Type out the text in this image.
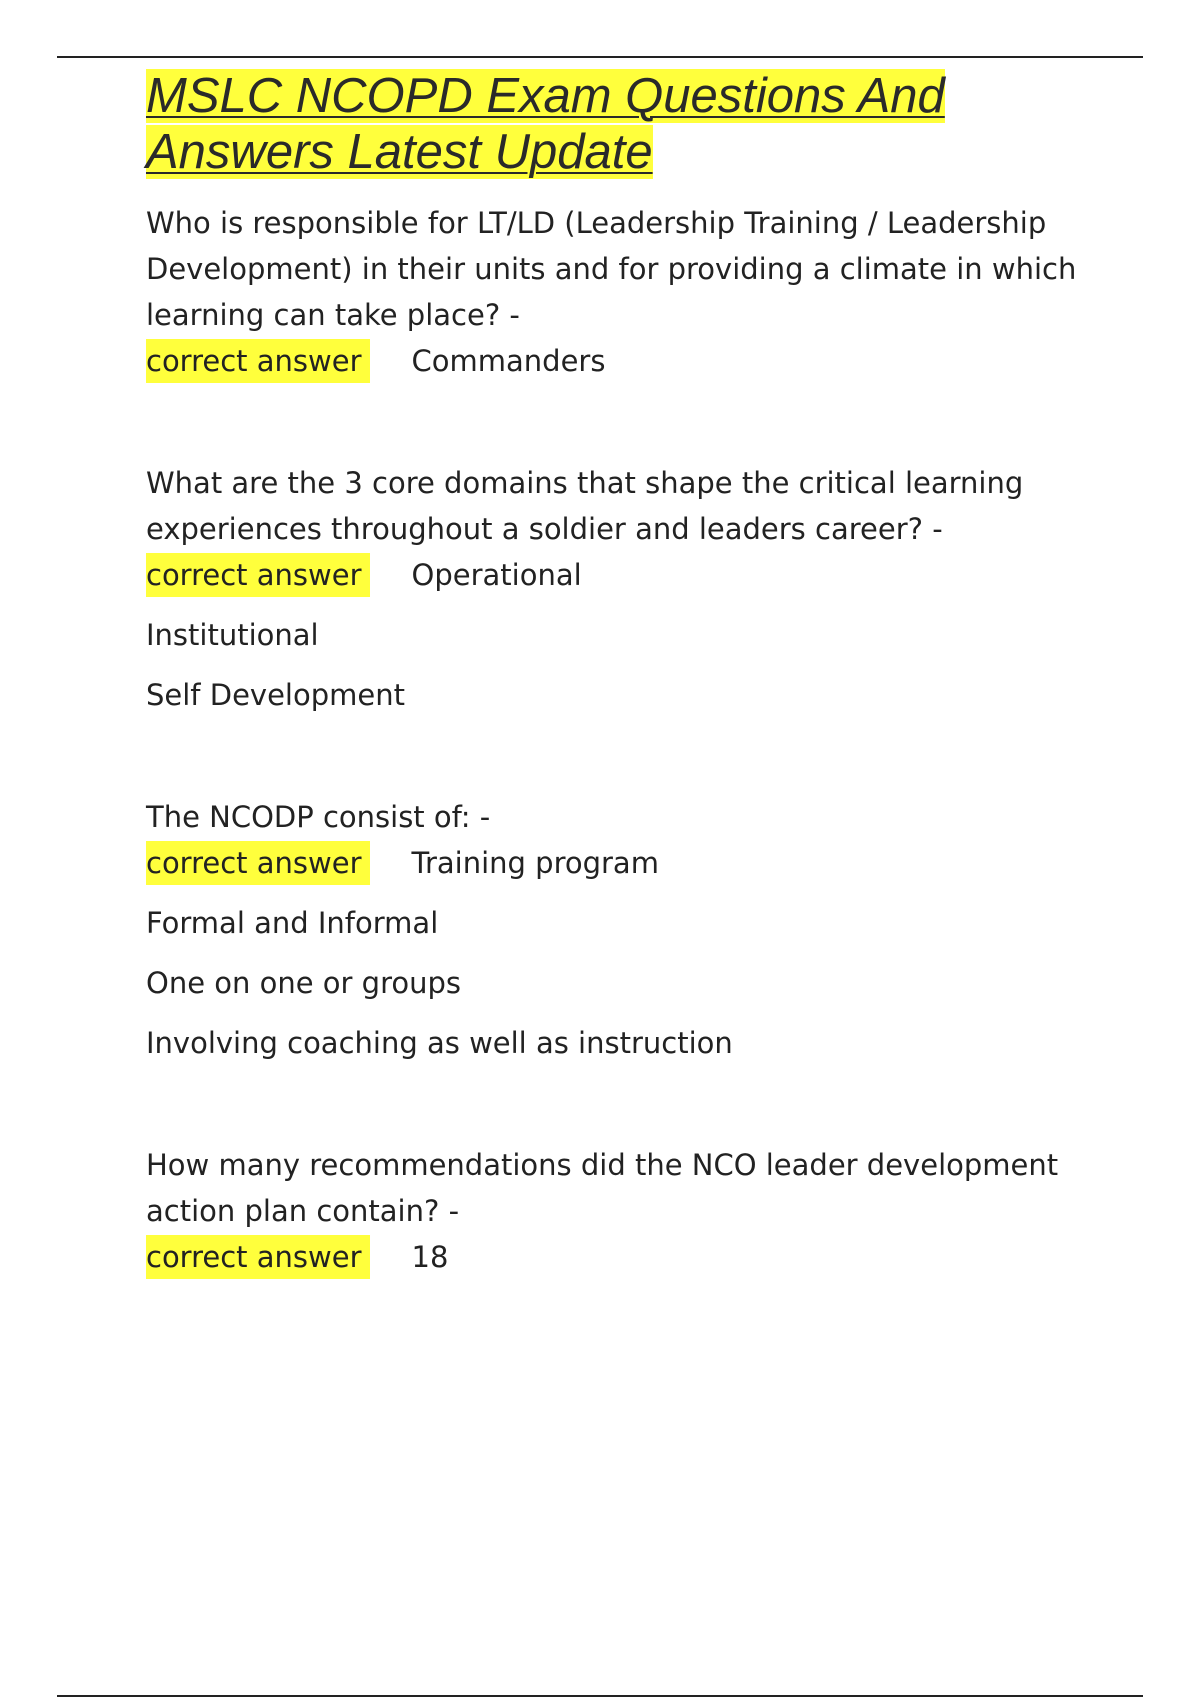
MSLC NCOPD Exam Questions And
Answers Latest Update

Who is responsible for LT/LD (Leadership Training / Leadership
Development) in their units and for providing a climate in which
learning can take place? -

correct answer Commanders

What are the 3 core domains that shape the critical learning
experiences throughout a soldier and leaders career? -

correct answer Operational
Institutional
Self Development

The NCODP consist of: -

correct answer Training program
Formal and Informal
One on one or groups
Involving coaching as well as instruction

How many recommendations did the NCO leader development
action plan contain? -

correct answer 18
